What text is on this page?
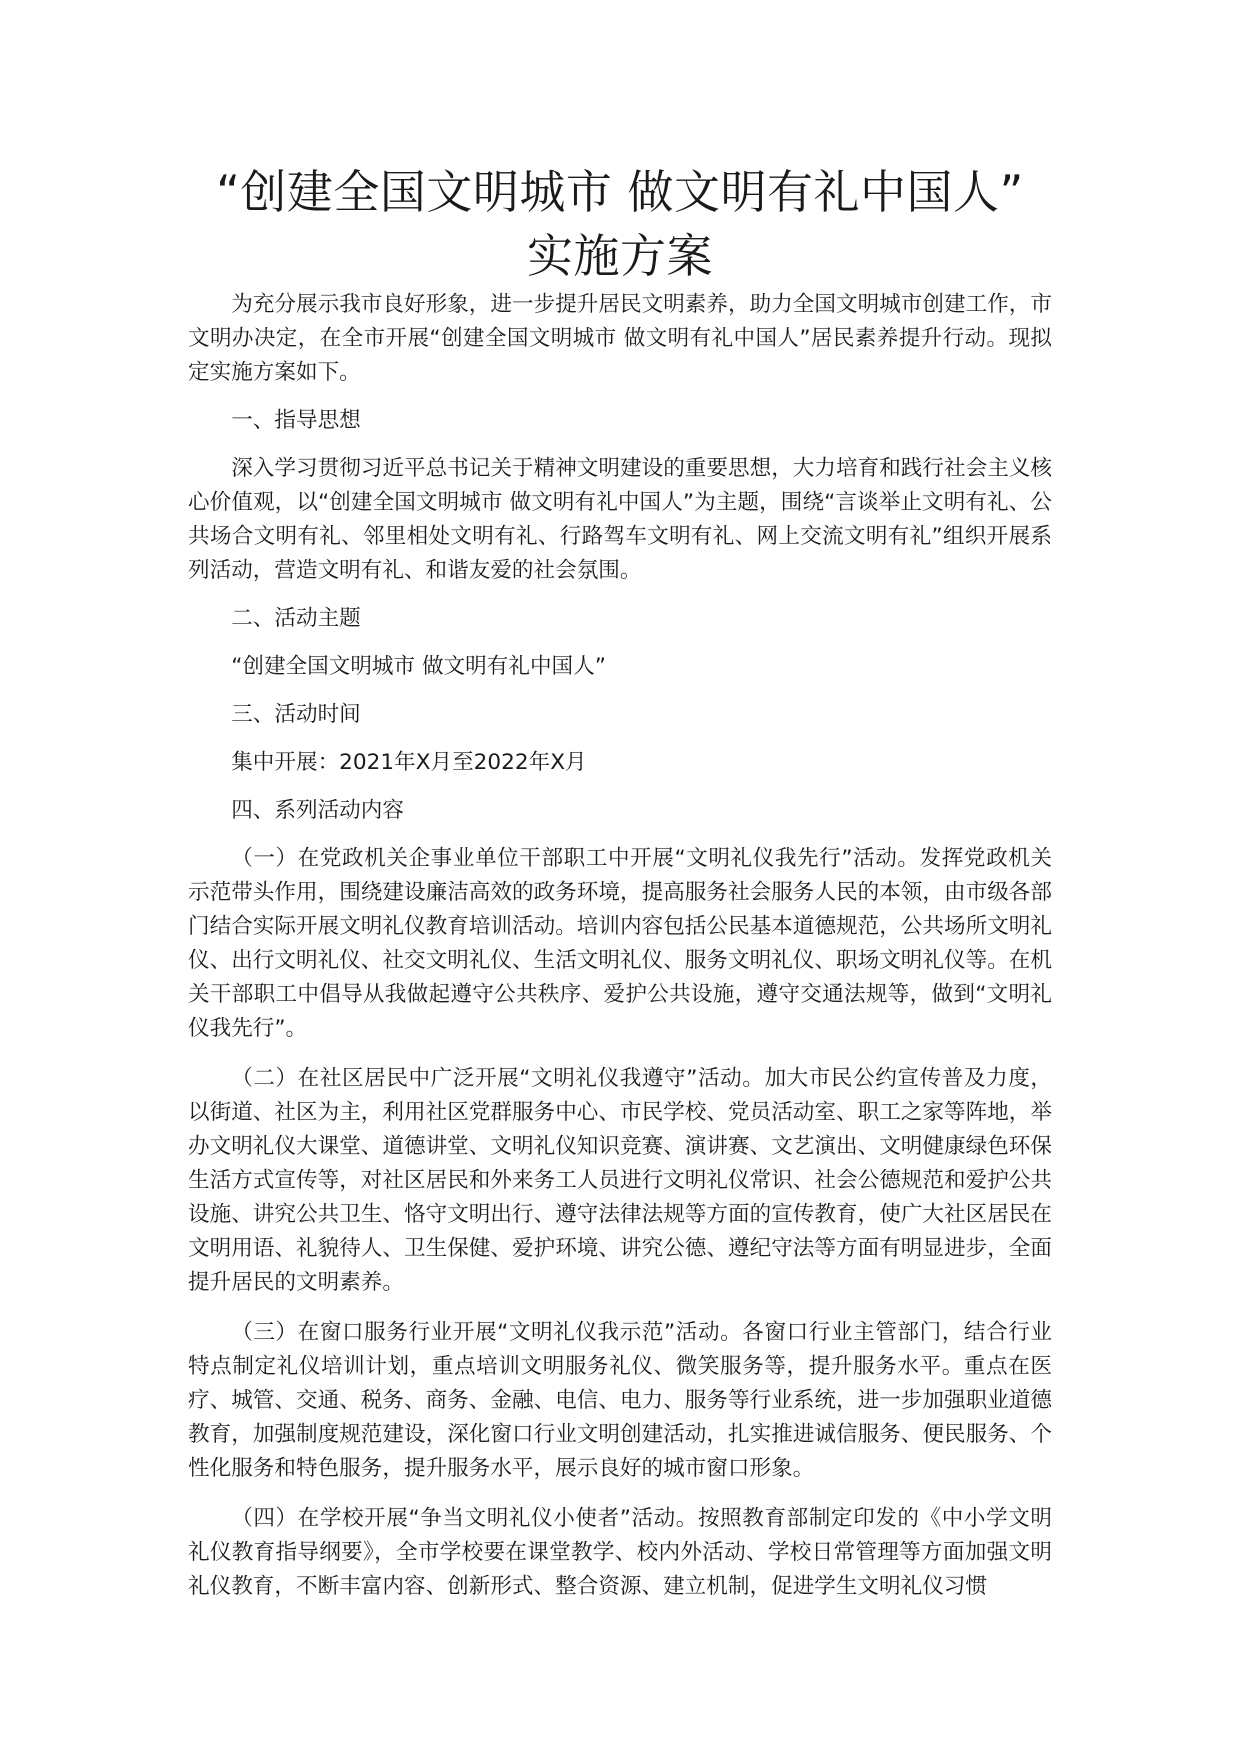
“创建全国文明城市 做文明有礼中国人”
实施方案

为充分展示我市良好形象，进一步提升居民文明素养，助力全国文明城市创建工作，市文明办决定，在全市开展“创建全国文明城市 做文明有礼中国人”居民素养提升行动。现拟定实施方案如下。

一、指导思想

深入学习贯彻习近平总书记关于精神文明建设的重要思想，大力培育和践行社会主义核心价值观，以“创建全国文明城市 做文明有礼中国人”为主题，围绕“言谈举止文明有礼、公共场合文明有礼、邻里相处文明有礼、行路驾车文明有礼、网上交流文明有礼”组织开展系列活动，营造文明有礼、和谐友爱的社会氛围。

二、活动主题

“创建全国文明城市 做文明有礼中国人”

三、活动时间

集中开展：2021年X月至2022年X月

四、系列活动内容

（一）在党政机关企事业单位干部职工中开展“文明礼仪我先行”活动。发挥党政机关示范带头作用，围绕建设廉洁高效的政务环境，提高服务社会服务人民的本领，由市级各部门结合实际开展文明礼仪教育培训活动。培训内容包括公民基本道德规范，公共场所文明礼仪、出行文明礼仪、社交文明礼仪、生活文明礼仪、服务文明礼仪、职场文明礼仪等。在机关干部职工中倡导从我做起遵守公共秩序、爱护公共设施，遵守交通法规等，做到“文明礼仪我先行”。

（二）在社区居民中广泛开展“文明礼仪我遵守”活动。加大市民公约宣传普及力度，以街道、社区为主，利用社区党群服务中心、市民学校、党员活动室、职工之家等阵地，举办文明礼仪大课堂、道德讲堂、文明礼仪知识竞赛、演讲赛、文艺演出、文明健康绿色环保生活方式宣传等，对社区居民和外来务工人员进行文明礼仪常识、社会公德规范和爱护公共设施、讲究公共卫生、恪守文明出行、遵守法律法规等方面的宣传教育，使广大社区居民在文明用语、礼貌待人、卫生保健、爱护环境、讲究公德、遵纪守法等方面有明显进步，全面提升居民的文明素养。

（三）在窗口服务行业开展“文明礼仪我示范”活动。各窗口行业主管部门，结合行业特点制定礼仪培训计划，重点培训文明服务礼仪、微笑服务等，提升服务水平。重点在医疗、城管、交通、税务、商务、金融、电信、电力、服务等行业系统，进一步加强职业道德教育，加强制度规范建设，深化窗口行业文明创建活动，扎实推进诚信服务、便民服务、个性化服务和特色服务，提升服务水平，展示良好的城市窗口形象。

（四）在学校开展“争当文明礼仪小使者”活动。按照教育部制定印发的《中小学文明礼仪教育指导纲要》，全市学校要在课堂教学、校内外活动、学校日常管理等方面加强文明礼仪教育，不断丰富内容、创新形式、整合资源、建立机制，促进学生文明礼仪习惯
